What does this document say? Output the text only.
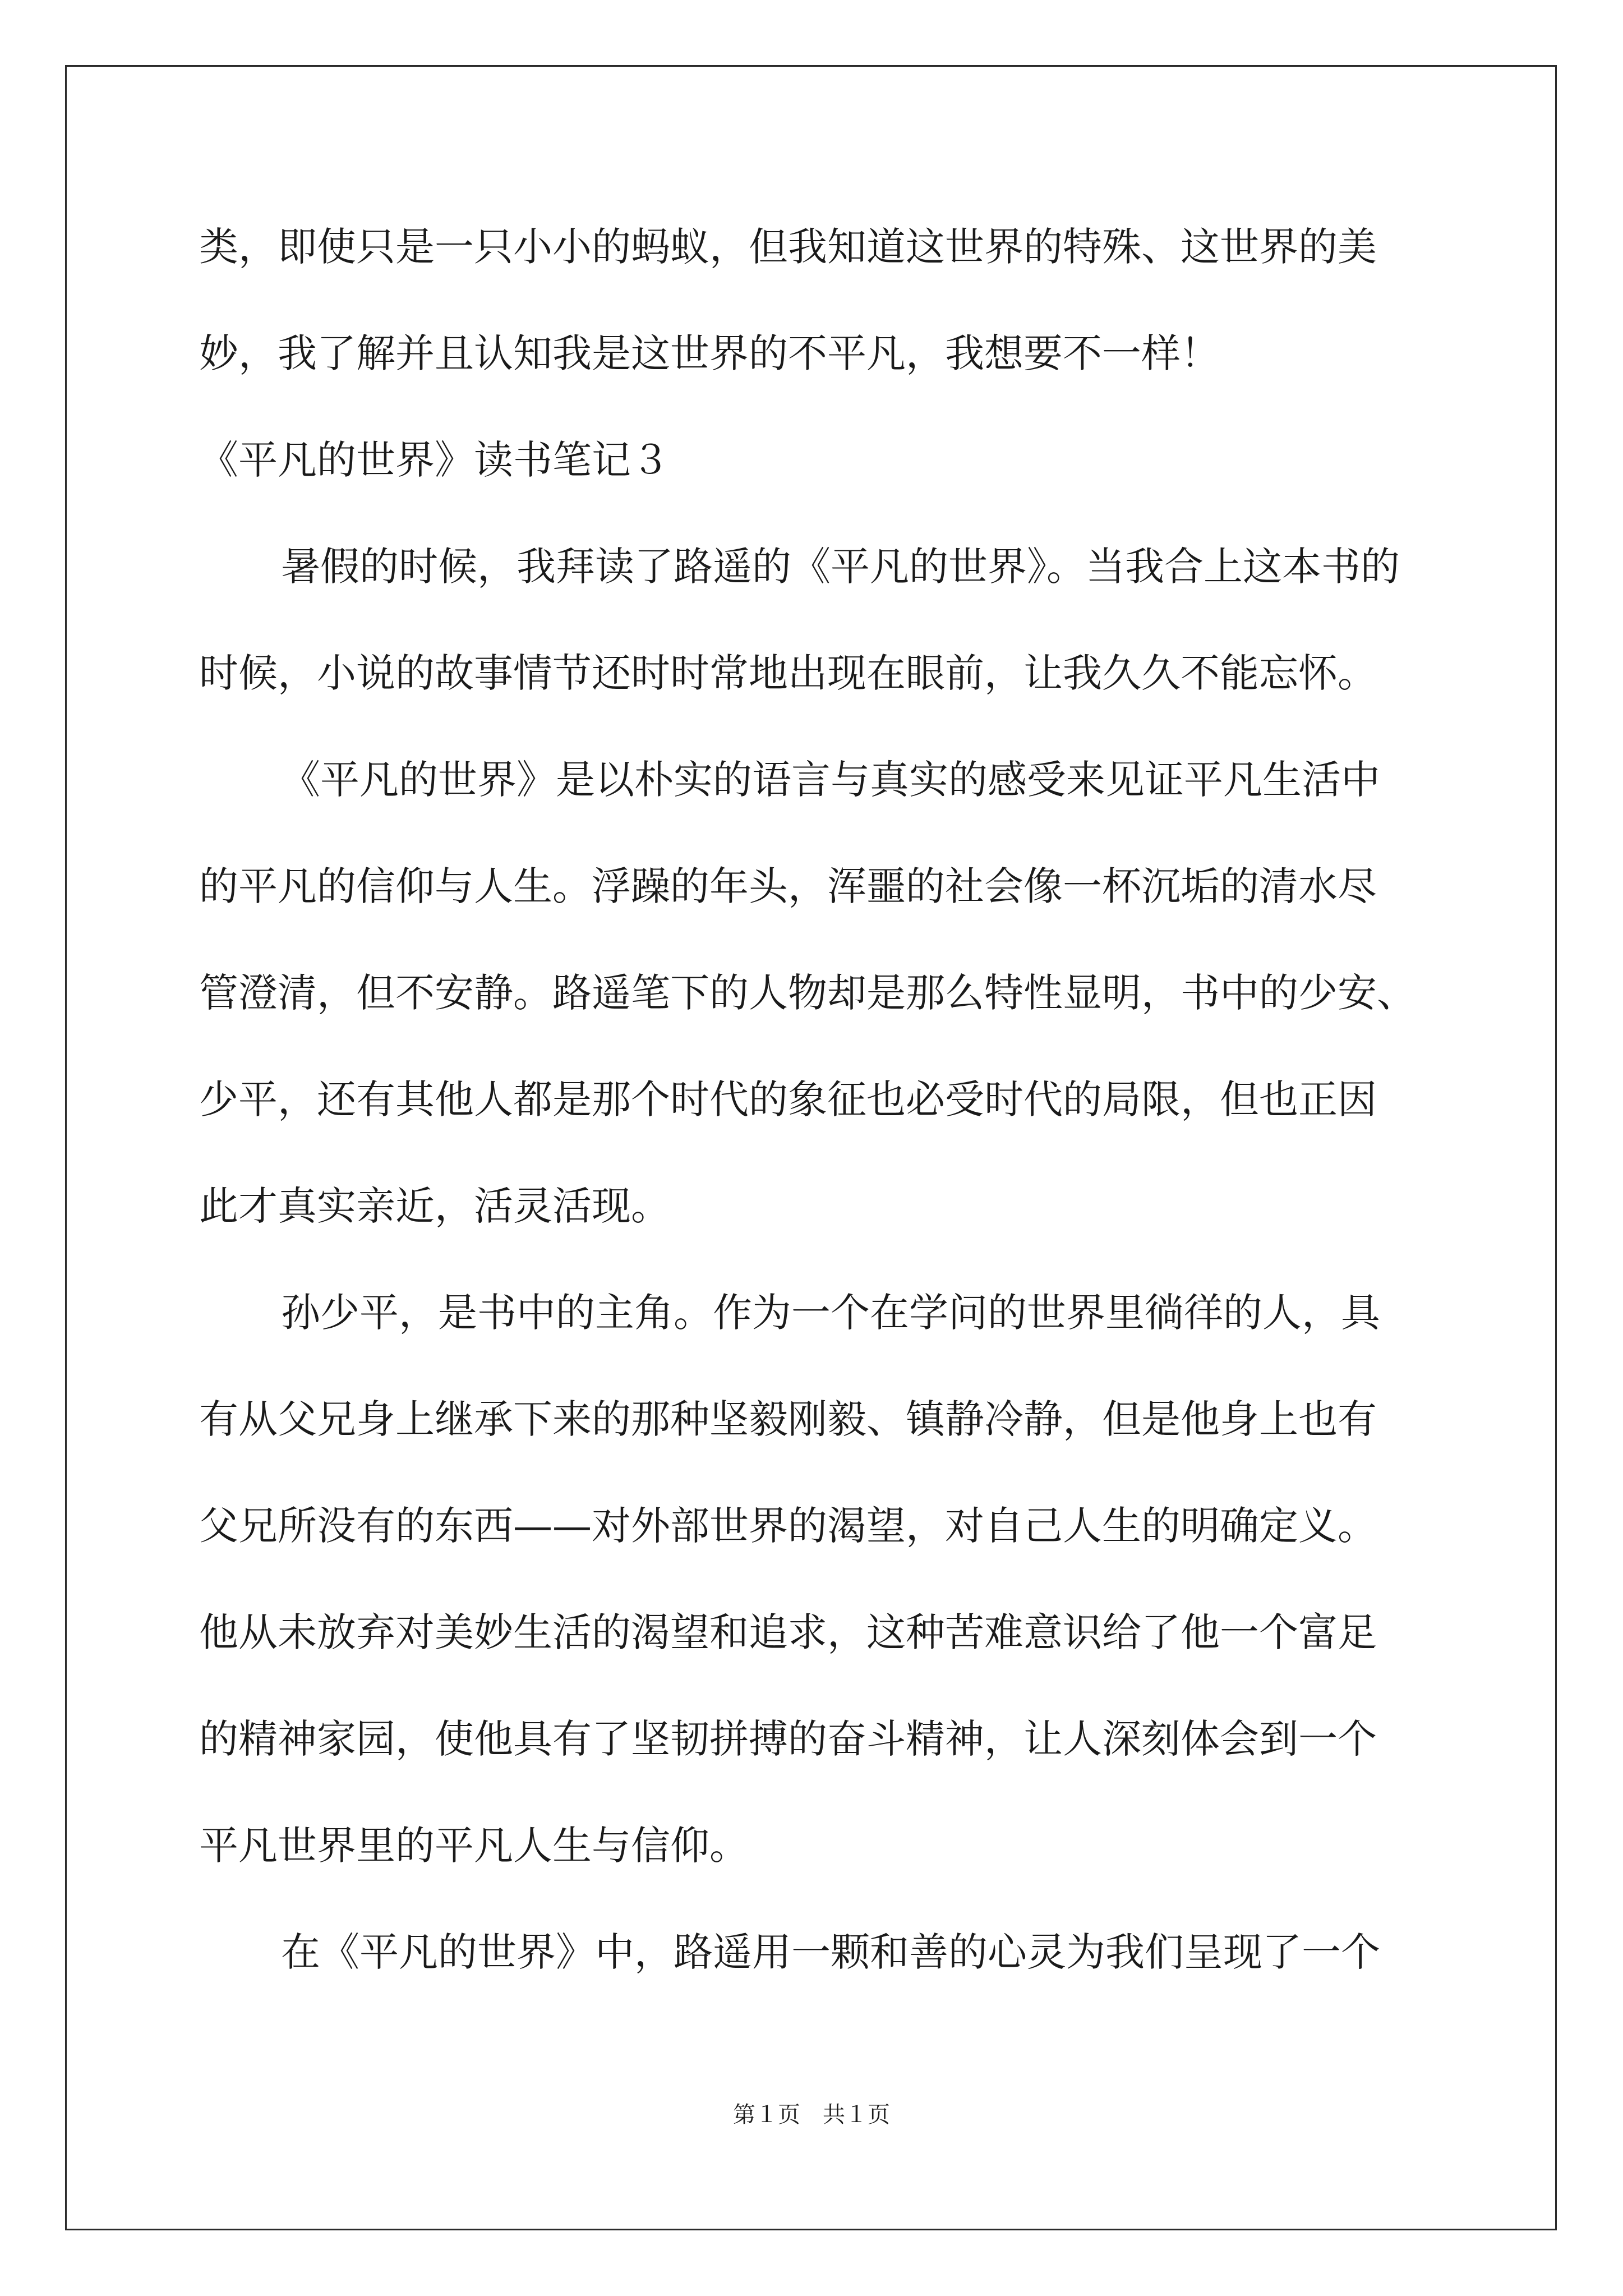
类，即使只是一只小小的蚂蚁，但我知道这世界的特殊、这世界的美
妙，我了解并且认知我是这世界的不平凡，我想要不一样！
《平凡的世界》读书笔记３
暑假的时候，我拜读了路遥的《平凡的世界》。当我合上这本书的
时候，小说的故事情节还时时常地出现在眼前，让我久久不能忘怀。
《平凡的世界》是以朴实的语言与真实的感受来见证平凡生活中
的平凡的信仰与人生。浮躁的年头，浑噩的社会像一杯沉垢的清水尽
管澄清，但不安静。路遥笔下的人物却是那么特性显明，书中的少安、
少平，还有其他人都是那个时代的象征也必受时代的局限，但也正因
此才真实亲近，活灵活现。
孙少平，是书中的主角。作为一个在学问的世界里徜徉的人，具
有从父兄身上继承下来的那种坚毅刚毅、镇静冷静，但是他身上也有
父兄所没有的东西——对外部世界的渴望，对自己人生的明确定义。
他从未放弃对美妙生活的渴望和追求，这种苦难意识给了他一个富足
的精神家园，使他具有了坚韧拼搏的奋斗精神，让人深刻体会到一个
平凡世界里的平凡人生与信仰。
在《平凡的世界》中，路遥用一颗和善的心灵为我们呈现了一个
第１页　共１页
